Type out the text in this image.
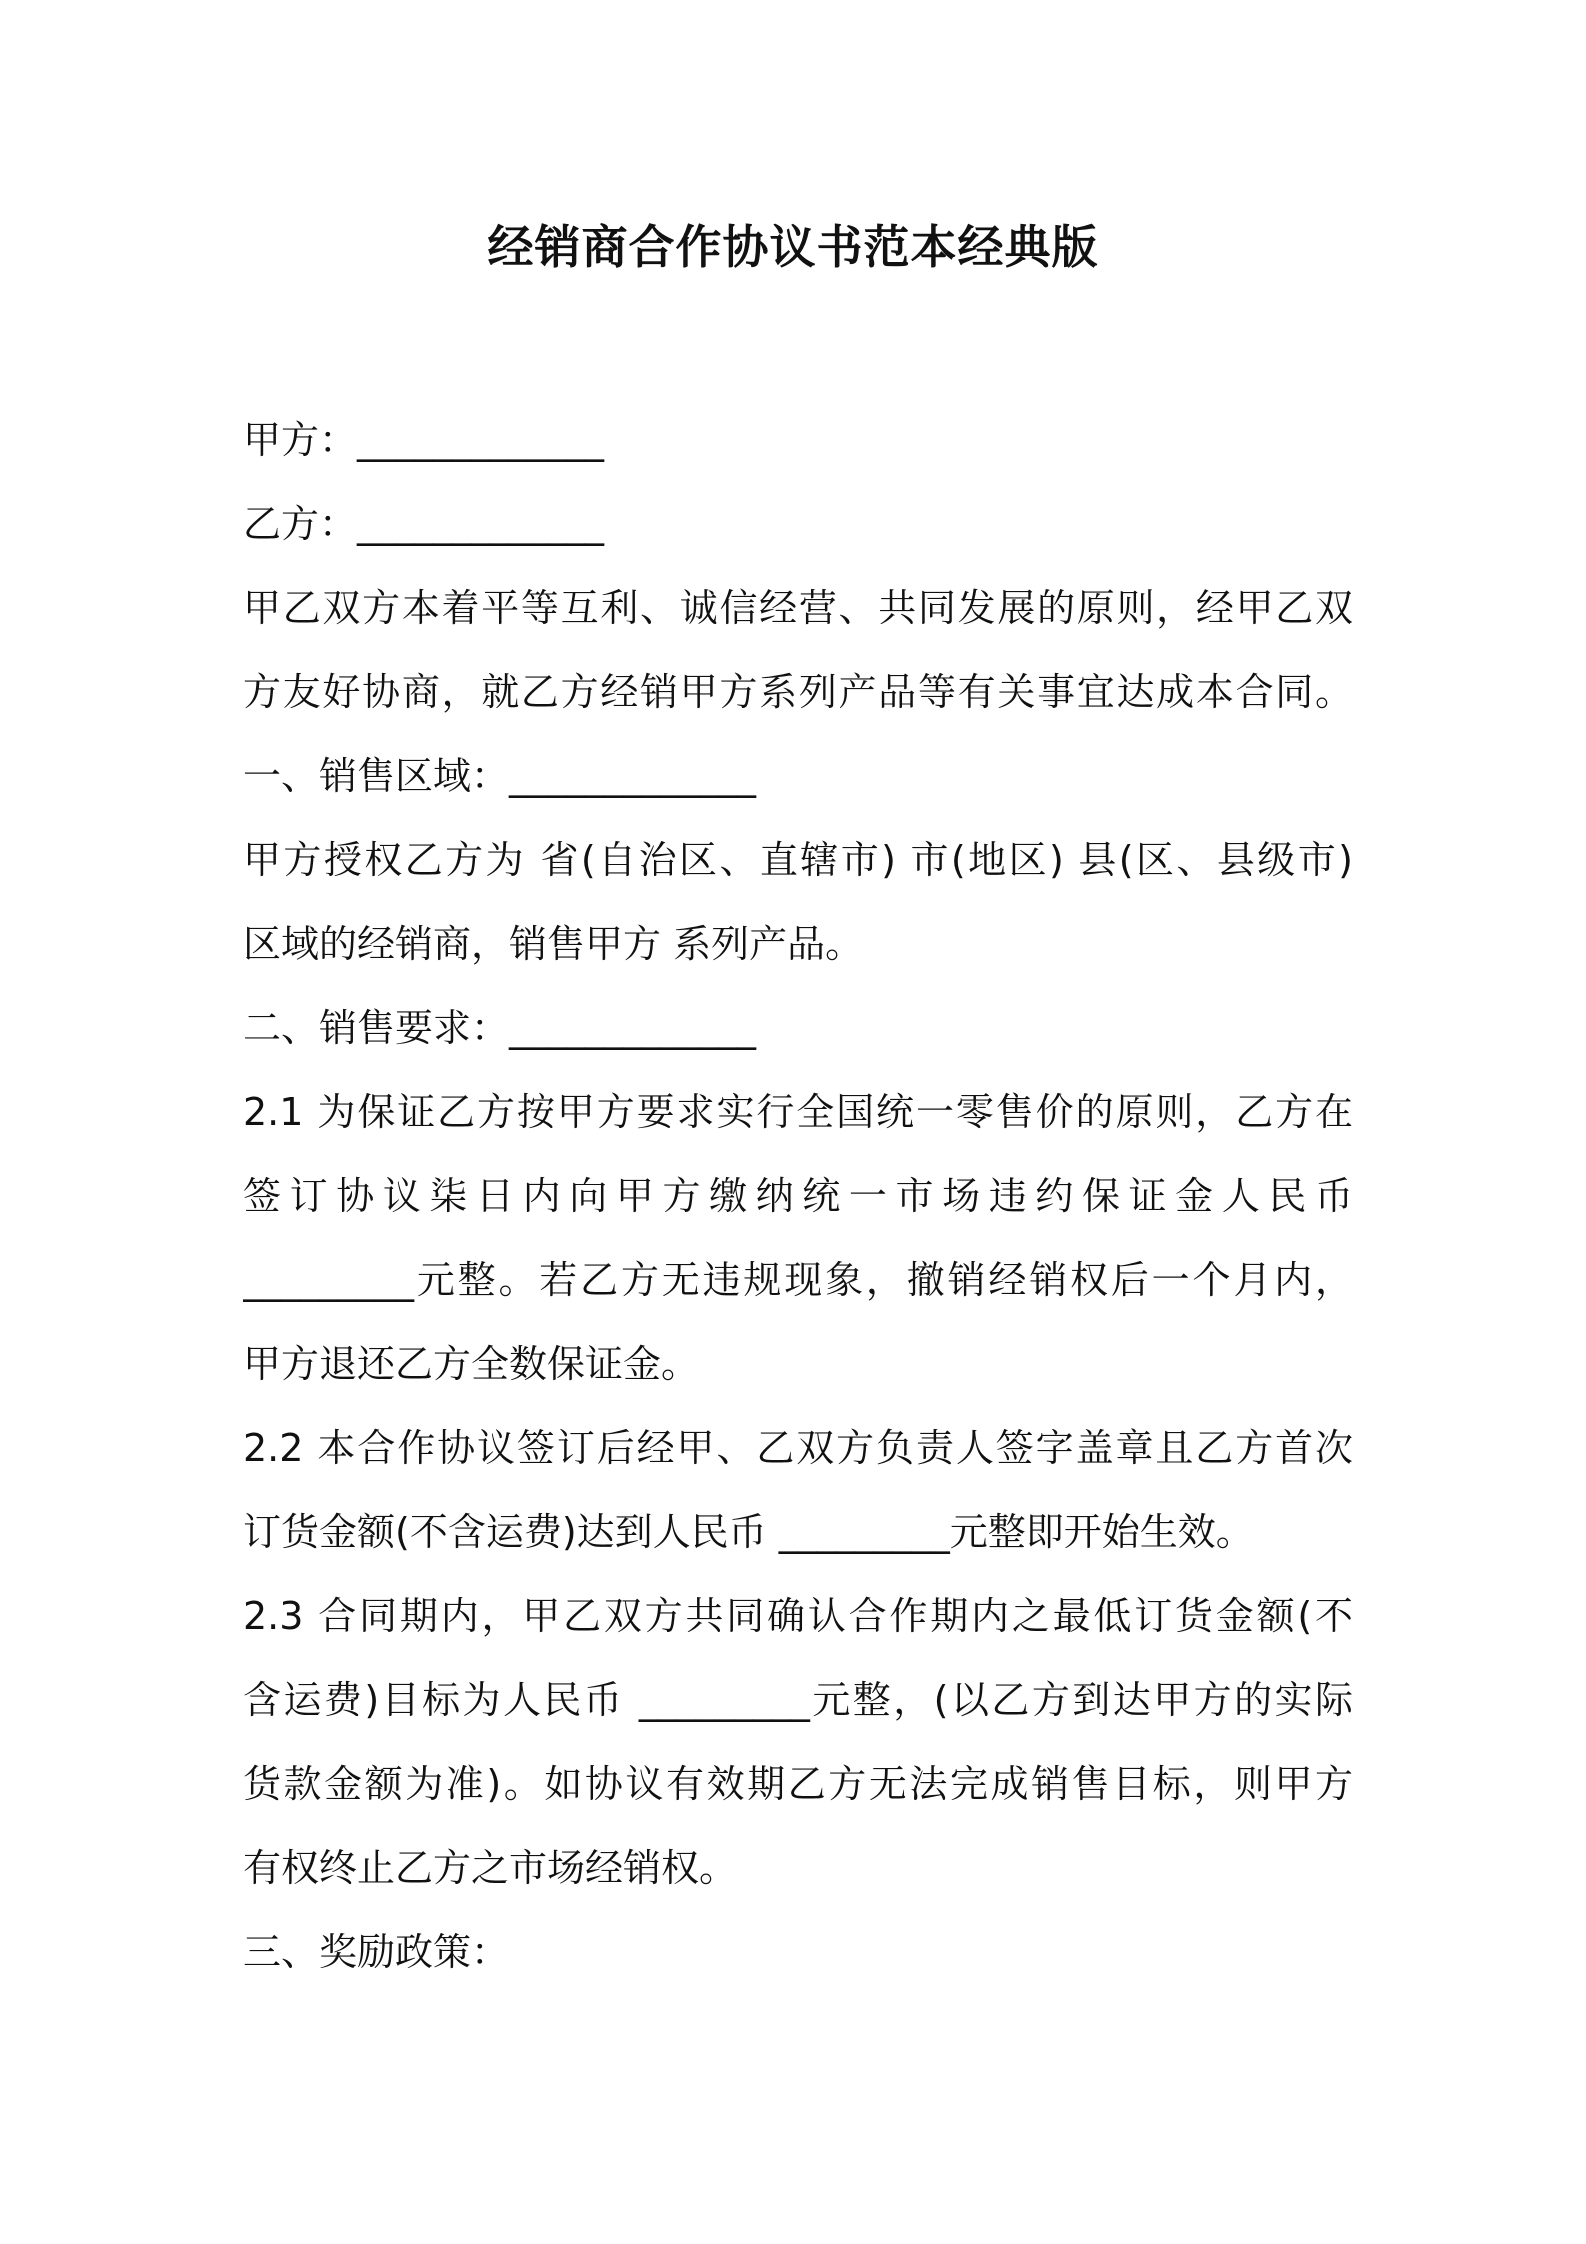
经销商合作协议书范本经典版
甲方：_____________
乙方：_____________
甲乙双方本着平等互利、诚信经营、共同发展的原则，经甲乙双
方友好协商，就乙方经销甲方系列产品等有关事宜达成本合同。
一、销售区域：_____________
甲方授权乙方为 省(自治区、直辖市) 市(地区) 县(区、县级市)
区域的经销商，销售甲方 系列产品。
二、销售要求：_____________
2.1 为保证乙方按甲方要求实行全国统一零售价的原则，乙方在
签订协议柒日内向甲方缴纳统一市场违约保证金人民币
_________元整。若乙方无违规现象，撤销经销权后一个月内，
甲方退还乙方全数保证金。
2.2 本合作协议签订后经甲、乙双方负责人签字盖章且乙方首次
订货金额(不含运费)达到人民币 _________元整即开始生效。
2.3 合同期内，甲乙双方共同确认合作期内之最低订货金额(不
含运费)目标为人民币 _________元整，(以乙方到达甲方的实际
货款金额为准)。如协议有效期乙方无法完成销售目标，则甲方
有权终止乙方之市场经销权。
三、奖励政策：
